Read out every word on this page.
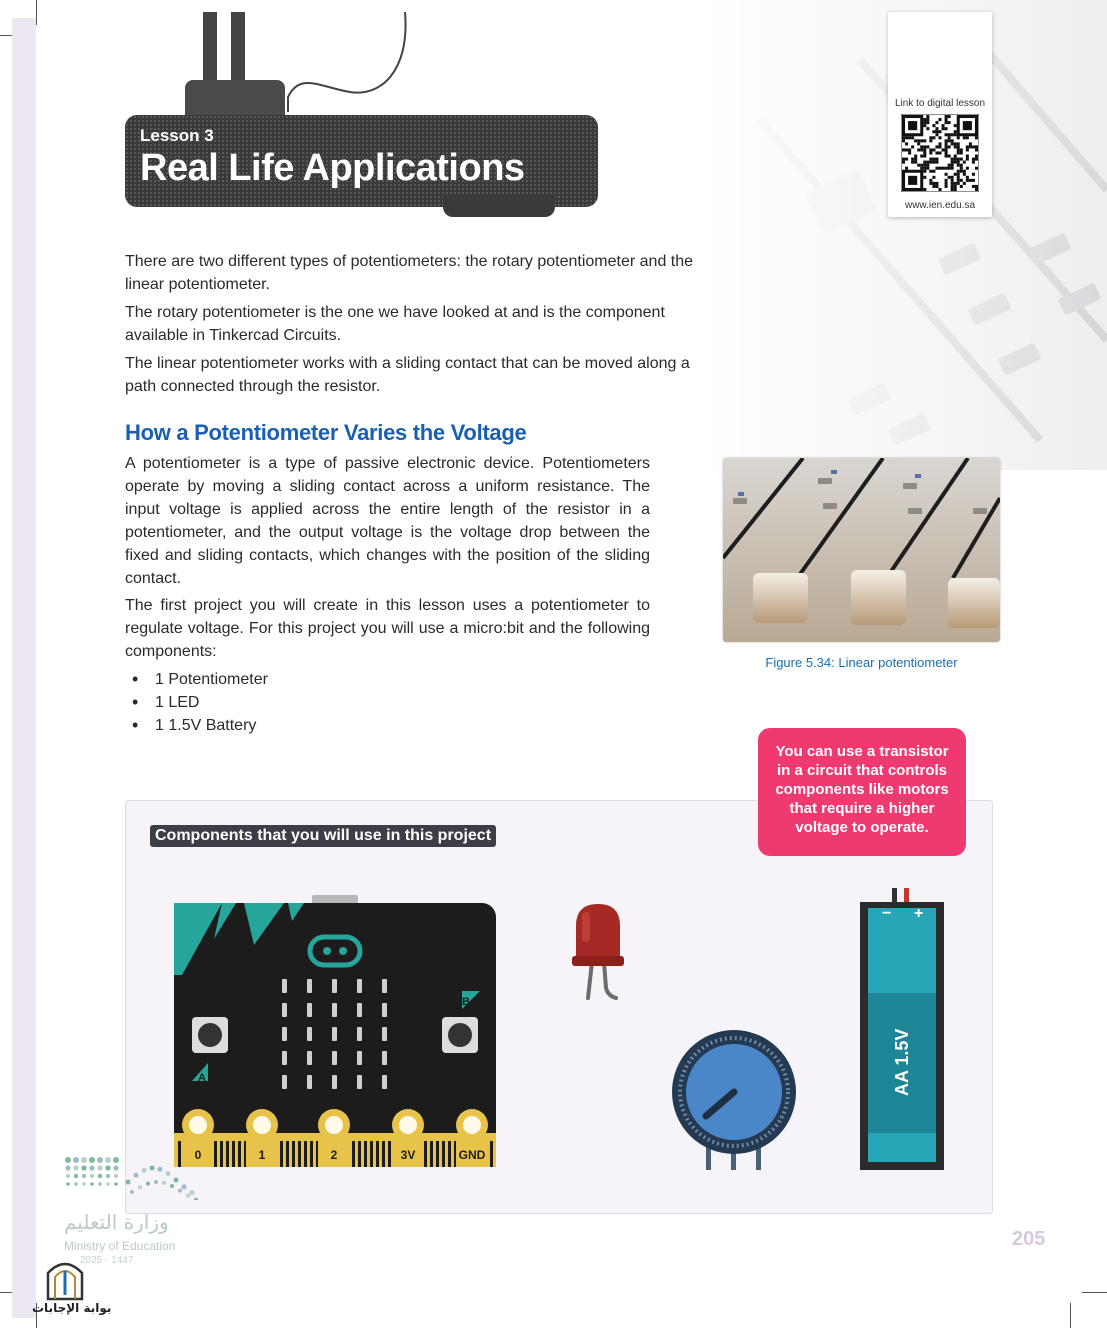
Lesson 3
Real Life Applications
Link to digital lesson
www.ien.edu.sa

There are two different types of potentiometers: the rotary potentiometer and the linear potentiometer.

The rotary potentiometer is the one we have looked at and is the component available in Tinkercad Circuits.

The linear potentiometer works with a sliding contact that can be moved along a path connected through the resistor.

How a Potentiometer Varies the Voltage

A potentiometer is a type of passive electronic device. Potentiometers operate by moving a sliding contact across a uniform resistance. The input voltage is applied across the entire length of the resistor in a potentiometer, and the output voltage is the voltage drop between the fixed and sliding contacts, which changes with the position of the sliding contact.

The first project you will create in this lesson uses a potentiometer to regulate voltage. For this project you will use a micro:bit and the following components:

• 1 Potentiometer
• 1 LED
• 1 1.5V Battery
Figure 5.34: Linear potentiometer
Components that you will use in this project
You can use a transistor in a circuit that controls components like motors that require a higher voltage to operate.
A
B
0	1	2	3V	GND
− +
AA 1.5V
205
وزارة التعليم
Ministry of Education
2025 - 1447
بوابة الإجابات
